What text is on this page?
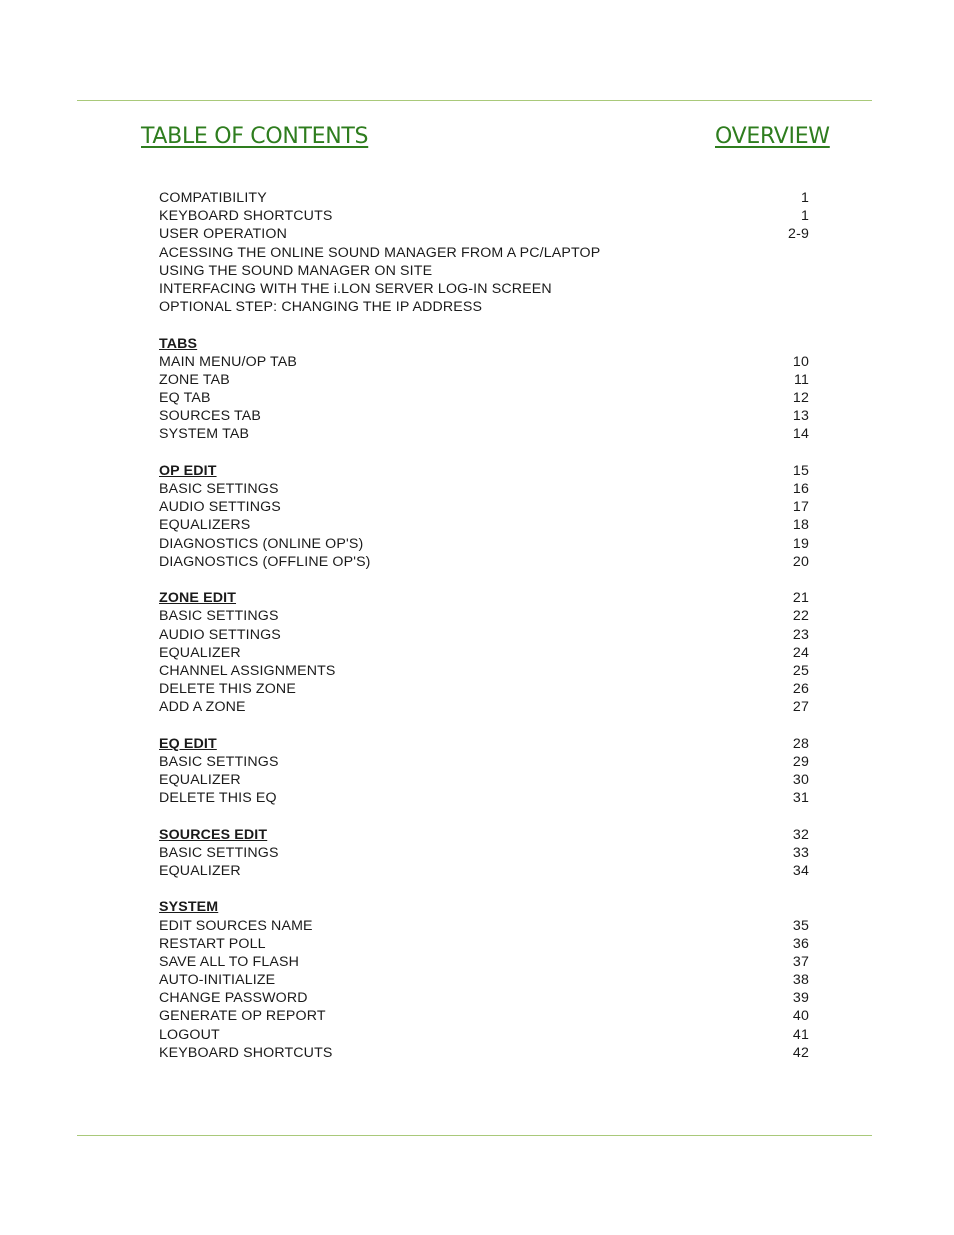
TABLE OF CONTENTS	OVERVIEW
COMPATIBILITY	1
KEYBOARD SHORTCUTS	1
USER OPERATION	2-9
ACESSING THE ONLINE SOUND MANAGER FROM A PC/LAPTOP
USING THE SOUND MANAGER ON SITE
INTERFACING WITH THE i.LON SERVER LOG-IN SCREEN
OPTIONAL STEP: CHANGING THE IP ADDRESS
TABS
MAIN MENU/OP TAB	10
ZONE TAB	11
EQ TAB	12
SOURCES TAB	13
SYSTEM TAB	14
OP EDIT	15
BASIC SETTINGS	16
AUDIO SETTINGS	17
EQUALIZERS	18
DIAGNOSTICS (ONLINE OP'S)	19
DIAGNOSTICS (OFFLINE OP'S)	20
ZONE EDIT	21
BASIC SETTINGS	22
AUDIO SETTINGS	23
EQUALIZER	24
CHANNEL ASSIGNMENTS	25
DELETE THIS ZONE	26
ADD A ZONE	27
EQ EDIT	28
BASIC SETTINGS	29
EQUALIZER	30
DELETE THIS EQ	31
SOURCES EDIT	32
BASIC SETTINGS	33
EQUALIZER	34
SYSTEM
EDIT SOURCES NAME	35
RESTART POLL	36
SAVE ALL TO FLASH	37
AUTO-INITIALIZE	38
CHANGE PASSWORD	39
GENERATE OP REPORT	40
LOGOUT	41
KEYBOARD SHORTCUTS	42
